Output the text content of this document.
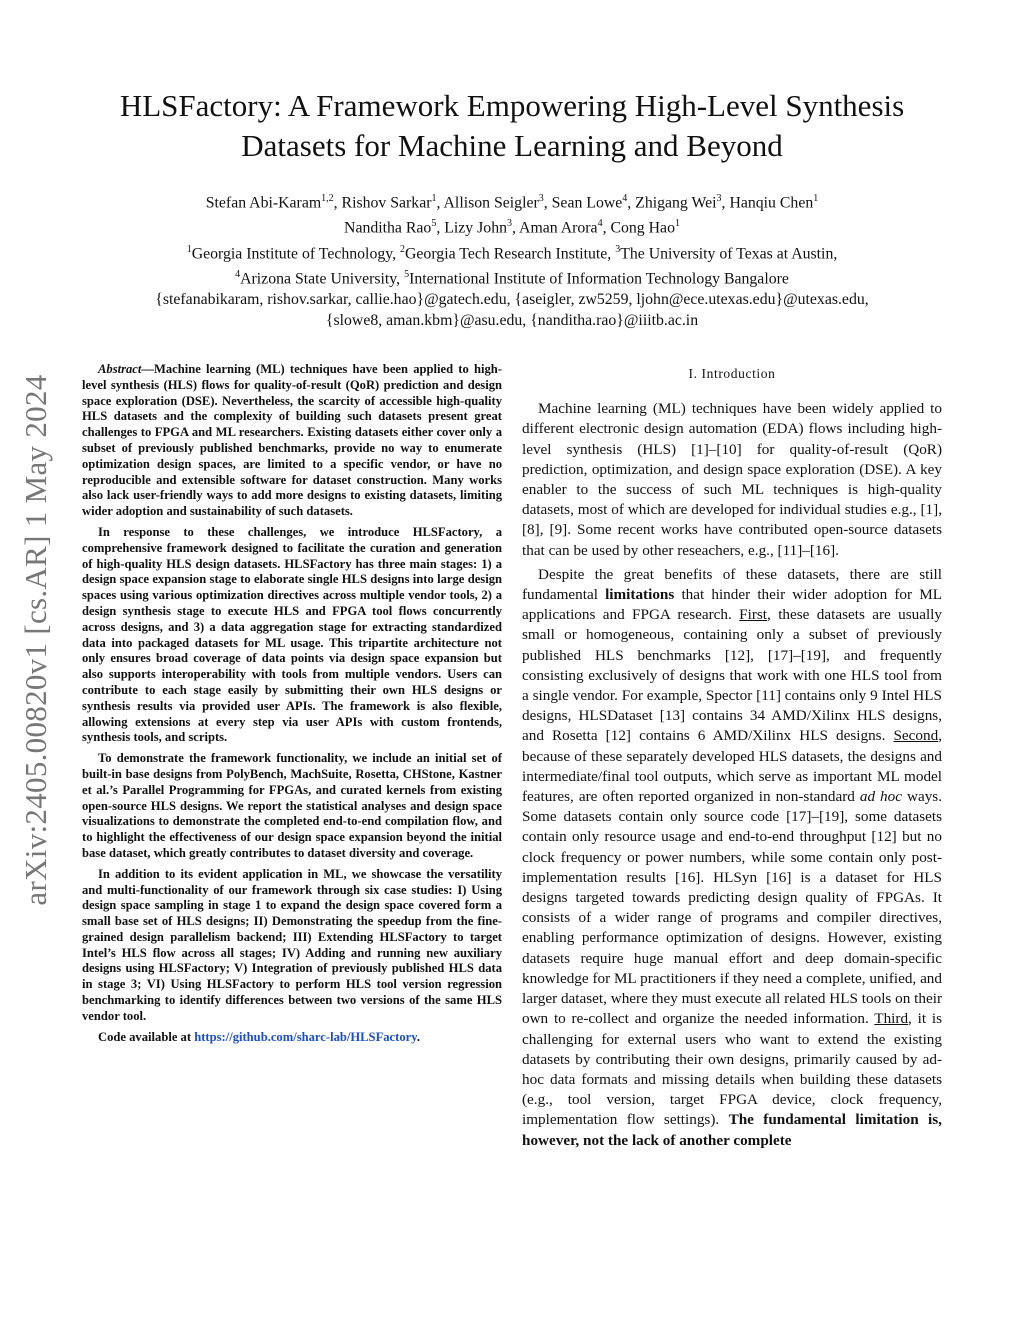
arXiv:2405.00820v1 [cs.AR] 1 May 2024
HLSFactory: A Framework Empowering High-Level Synthesis
Datasets for Machine Learning and Beyond
Stefan Abi-Karam$^{1,2}$, Rishov Sarkar$^1$, Allison Seigler$^3$, Sean Lowe$^4$, Zhigang Wei$^3$, Hanqiu Chen$^1$
Nanditha Rao$^5$, Lizy John$^3$, Aman Arora$^4$, Cong Hao$^1$
$^1$Georgia Institute of Technology, $^2$Georgia Tech Research Institute, $^3$The University of Texas at Austin,
$^4$Arizona State University, $^5$International Institute of Information Technology Bangalore
{stefanabikaram, rishov.sarkar, callie.hao}@gatech.edu, {aseigler, zw5259, ljohn@ece.utexas.edu}@utexas.edu,
{slowe8, aman.kbm}@asu.edu, {nanditha.rao}@iiitb.ac.in

Abstract—Machine learning (ML) techniques have been applied to high-level synthesis (HLS) flows for quality-of-result (QoR) prediction and design space exploration (DSE). Nevertheless, the scarcity of accessible high-quality HLS datasets and the complexity of building such datasets present great challenges to FPGA and ML researchers. Existing datasets either cover only a subset of previously published benchmarks, provide no way to enumerate optimization design spaces, are limited to a specific vendor, or have no reproducible and extensible software for dataset construction. Many works also lack user-friendly ways to add more designs to existing datasets, limiting wider adoption and sustainability of such datasets.

In response to these challenges, we introduce HLSFactory, a comprehensive framework designed to facilitate the curation and generation of high-quality HLS design datasets. HLSFactory has three main stages: 1) a design space expansion stage to elaborate single HLS designs into large design spaces using various optimization directives across multiple vendor tools, 2) a design synthesis stage to execute HLS and FPGA tool flows concurrently across designs, and 3) a data aggregation stage for extracting standardized data into packaged datasets for ML usage. This tripartite architecture not only ensures broad coverage of data points via design space expansion but also supports interoperability with tools from multiple vendors. Users can contribute to each stage easily by submitting their own HLS designs or synthesis results via provided user APIs. The framework is also flexible, allowing extensions at every step via user APIs with custom frontends, synthesis tools, and scripts.

To demonstrate the framework functionality, we include an initial set of built-in base designs from PolyBench, MachSuite, Rosetta, CHStone, Kastner et al.’s Parallel Programming for FPGAs, and curated kernels from existing open-source HLS designs. We report the statistical analyses and design space visualizations to demonstrate the completed end-to-end compilation flow, and to highlight the effectiveness of our design space expansion beyond the initial base dataset, which greatly contributes to dataset diversity and coverage.

In addition to its evident application in ML, we showcase the versatility and multi-functionality of our framework through six case studies: I) Using design space sampling in stage 1 to expand the design space covered form a small base set of HLS designs; II) Demonstrating the speedup from the fine-grained design parallelism backend; III) Extending HLSFactory to target Intel’s HLS flow across all stages; IV) Adding and running new auxiliary designs using HLSFactory; V) Integration of previously published HLS data in stage 3; VI) Using HLSFactory to perform HLS tool version regression benchmarking to identify differences between two versions of the same HLS vendor tool.

Code available at https://github.com/sharc-lab/HLSFactory.

I. Introduction

Machine learning (ML) techniques have been widely applied to different electronic design automation (EDA) flows including high-level synthesis (HLS) [1]–[10] for quality-of-result (QoR) prediction, optimization, and design space exploration (DSE). A key enabler to the success of such ML techniques is high-quality datasets, most of which are developed for individual studies e.g., [1], [8], [9]. Some recent works have contributed open-source datasets that can be used by other reseachers, e.g., [11]–[16].

Despite the great benefits of these datasets, there are still fundamental limitations that hinder their wider adoption for ML applications and FPGA research. First, these datasets are usually small or homogeneous, containing only a subset of previously published HLS benchmarks [12], [17]–[19], and frequently consisting exclusively of designs that work with one HLS tool from a single vendor. For example, Spector [11] contains only 9 Intel HLS designs, HLSDataset [13] contains 34 AMD/Xilinx HLS designs, and Rosetta [12] contains 6 AMD/Xilinx HLS designs. Second, because of these separately developed HLS datasets, the designs and intermediate/final tool outputs, which serve as important ML model features, are often reported organized in non-standard ad hoc ways. Some datasets contain only source code [17]–[19], some datasets contain only resource usage and end-to-end throughput [12] but no clock frequency or power numbers, while some contain only post-implementation results [16]. HLSyn [16] is a dataset for HLS designs targeted towards predicting design quality of FPGAs. It consists of a wider range of programs and compiler directives, enabling performance optimization of designs. However, existing datasets require huge manual effort and deep domain-specific knowledge for ML practitioners if they need a complete, unified, and larger dataset, where they must execute all related HLS tools on their own to re-collect and organize the needed information. Third, it is challenging for external users who want to extend the existing datasets by contributing their own designs, primarily caused by ad-hoc data formats and missing details when building these datasets (e.g., tool version, target FPGA device, clock frequency, implementation flow settings). The fundamental limitation is, however, not the lack of another complete
